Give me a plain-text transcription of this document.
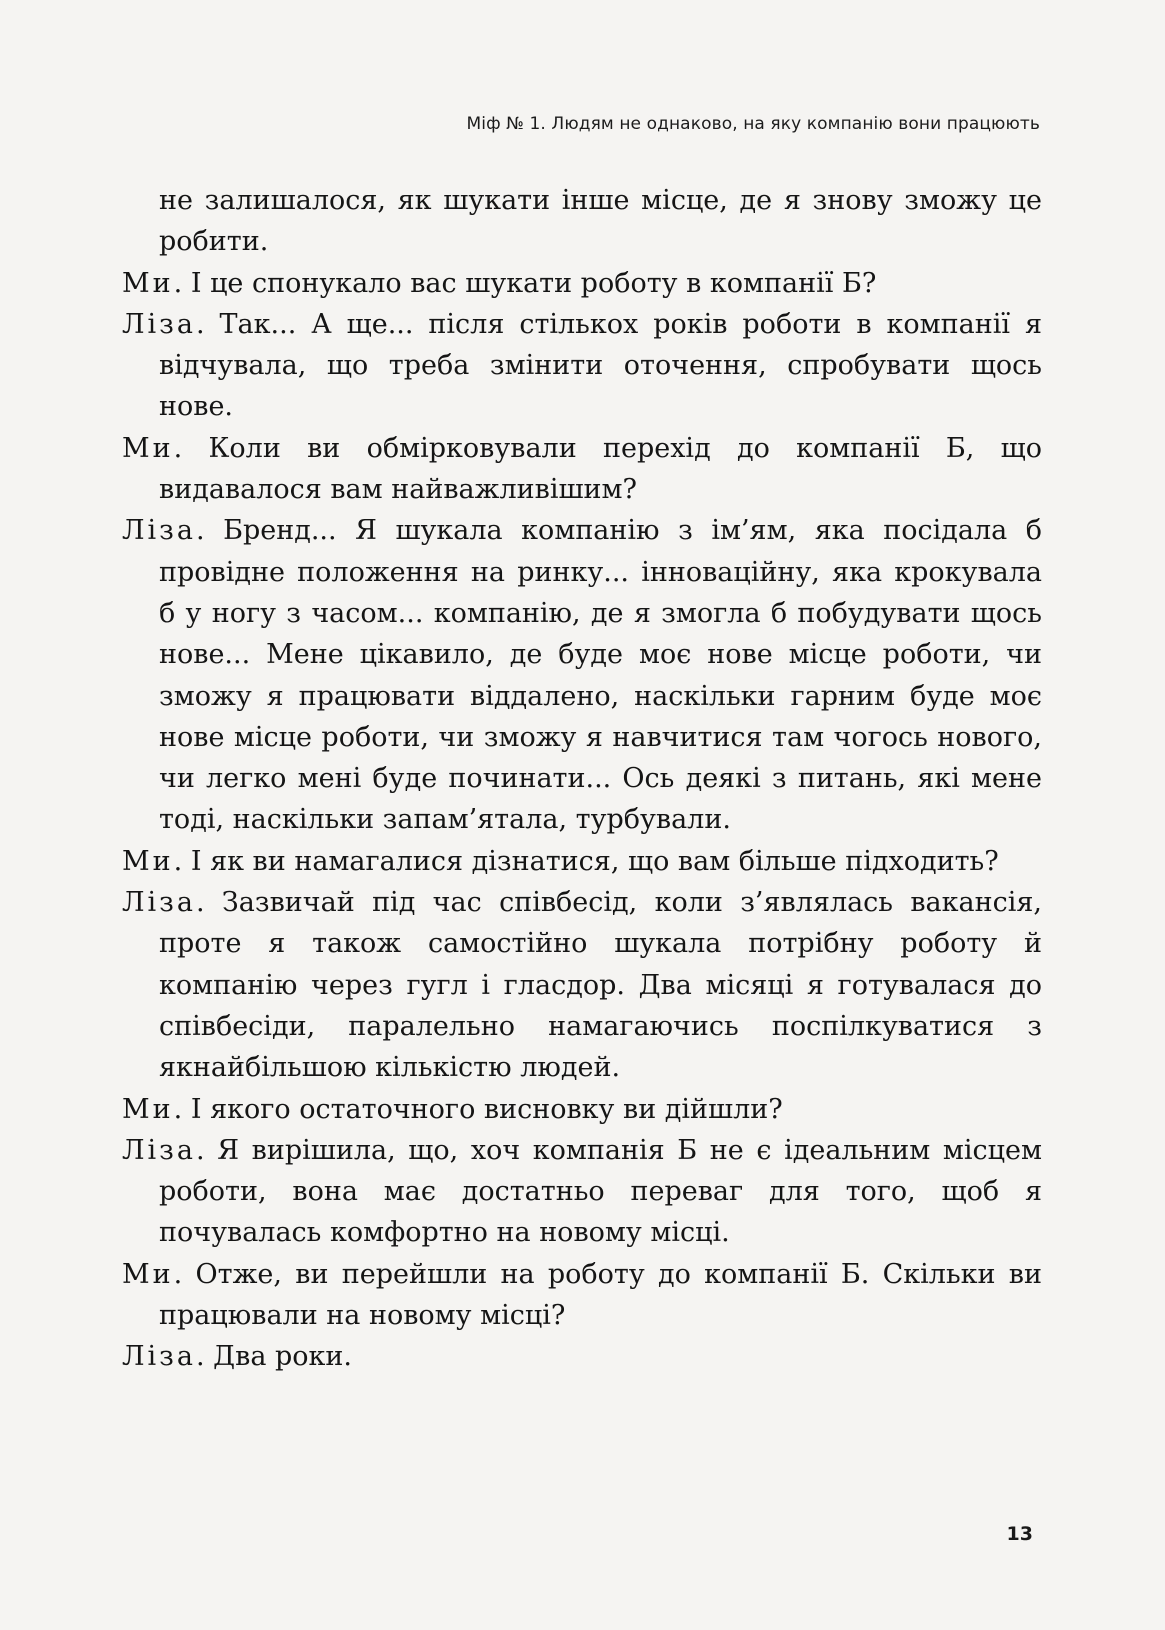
Міф № 1. Людям не однаково, на яку компанію вони працюють

не залишалося, як шукати інше місце, де я знову зможу це робити.

Ми. І це спонукало вас шукати роботу в компанії Б?

Ліза. Так... А ще... після стількох років роботи в компанії я відчувала, що треба змінити оточення, спробувати щось нове.

Ми. Коли ви обмірковували перехід до компанії Б, що видавалося вам найважливішим?

Ліза. Бренд... Я шукала компанію з ім’ям, яка посідала б провідне положення на ринку... інноваційну, яка крокувала б у ногу з часом... компанію, де я змогла б побудувати щось нове... Мене цікавило, де буде моє нове місце роботи, чи зможу я працювати віддалено, наскільки гарним буде моє нове місце роботи, чи зможу я навчитися там чогось нового, чи легко мені буде починати... Ось деякі з питань, які мене тоді, наскільки запам’ятала, турбували.

Ми. І як ви намагалися дізнатися, що вам більше підходить?

Ліза. Зазвичай під час співбесід, коли з’являлась вакансія, проте я також самостійно шукала потрібну роботу й компанію через гугл і гласдор. Два місяці я готувалася до співбесіди, паралельно намагаючись поспілкуватися з якнайбільшою кількістю людей.

Ми. І якого остаточного висновку ви дійшли?

Ліза. Я вирішила, що, хоч компанія Б не є ідеальним місцем роботи, вона має достатньо переваг для того, щоб я почувалась комфортно на новому місці.

Ми. Отже, ви перейшли на роботу до компанії Б. Скільки ви працювали на новому місці?

Ліза. Два роки.

13
